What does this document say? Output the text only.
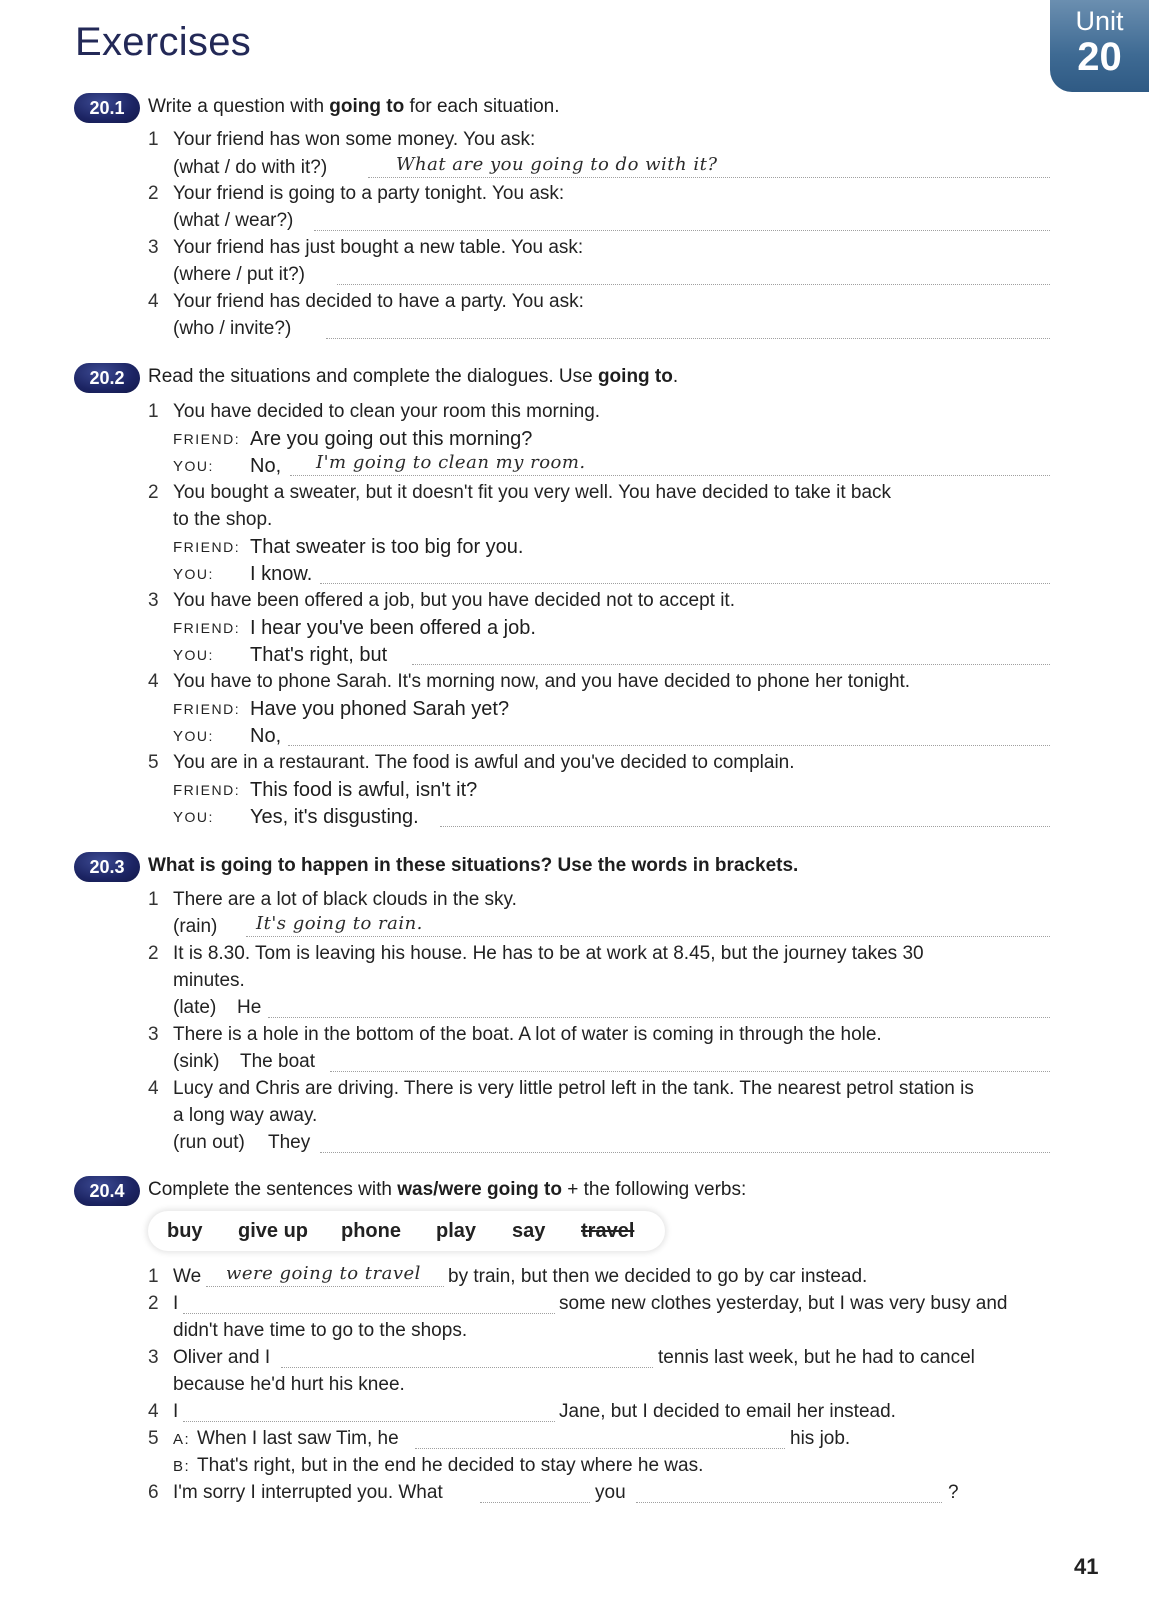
Unit
20
Exercises
20.1	Write a question with going to for each situation.
1 Your friend has won some money. You ask:
(what / do with it?)	What are you going to do with it?
2 Your friend is going to a party tonight. You ask:
(what / wear?)
3 Your friend has just bought a new table. You ask:
(where / put it?)
4 Your friend has decided to have a party. You ask:
(who / invite?)
20.2	Read the situations and complete the dialogues. Use going to.
1 You have decided to clean your room this morning.
FRIEND: Are you going out this morning?
YOU: No, I'm going to clean my room.
2 You bought a sweater, but it doesn't fit you very well. You have decided to take it back
to the shop.
FRIEND: That sweater is too big for you.
YOU: I know.
3 You have been offered a job, but you have decided not to accept it.
FRIEND: I hear you've been offered a job.
YOU: That's right, but
4 You have to phone Sarah. It's morning now, and you have decided to phone her tonight.
FRIEND: Have you phoned Sarah yet?
YOU: No,
5 You are in a restaurant. The food is awful and you've decided to complain.
FRIEND: This food is awful, isn't it?
YOU: Yes, it's disgusting.
20.3	What is going to happen in these situations? Use the words in brackets.
1 There are a lot of black clouds in the sky.
(rain) It's going to rain.
2 It is 8.30. Tom is leaving his house. He has to be at work at 8.45, but the journey takes 30
minutes.
(late) He
3 There is a hole in the bottom of the boat. A lot of water is coming in through the hole.
(sink) The boat
4 Lucy and Chris are driving. There is very little petrol left in the tank. The nearest petrol station is
a long way away.
(run out) They
20.4	Complete the sentences with was/were going to + the following verbs:
buy give up phone play say travel
1 We were going to travel by train, but then we decided to go by car instead.
2 I	some new clothes yesterday, but I was very busy and
didn't have time to go to the shops.
3 Oliver and I	tennis last week, but he had to cancel
because he'd hurt his knee.
4 I	Jane, but I decided to email her instead.
5 A: When I last saw Tim, he	his job.
B: That's right, but in the end he decided to stay where he was.
6 I'm sorry I interrupted you. What	you	?
41
